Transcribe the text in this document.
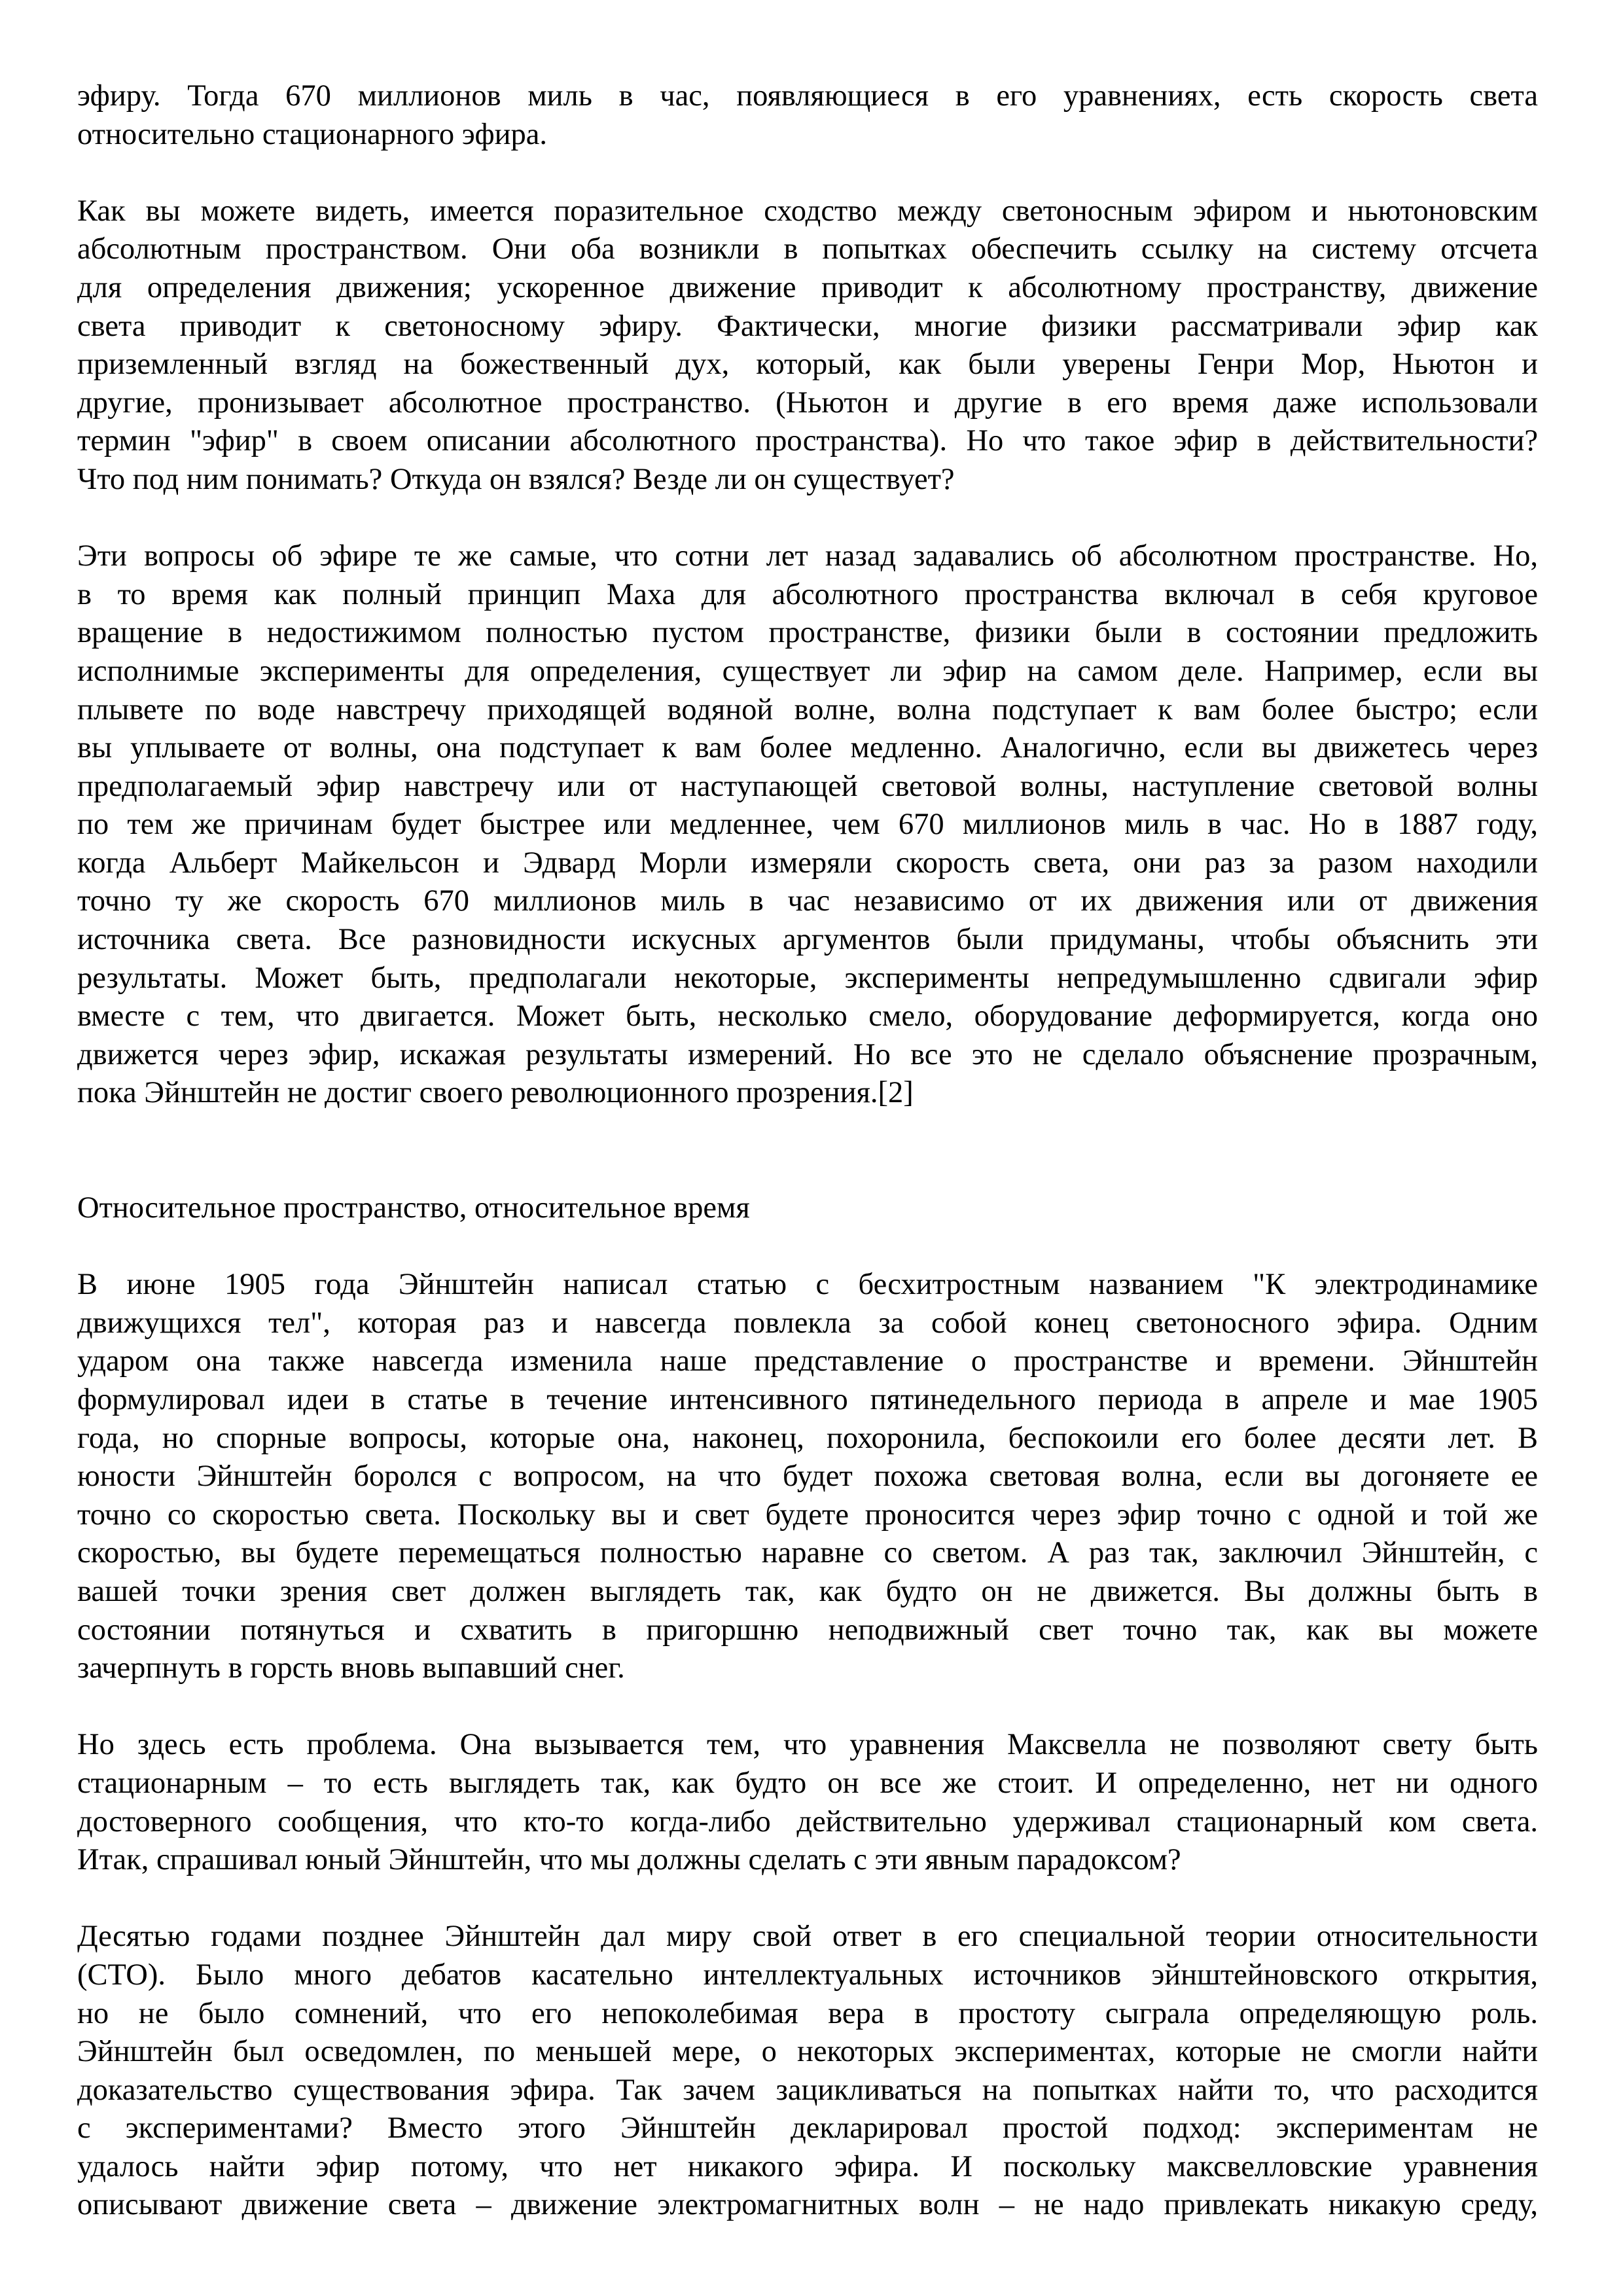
эфиру. Тогда 670 миллионов миль в час, появляющиеся в его уравнениях, есть скорость света
относительно стационарного эфира.

Как вы можете видеть, имеется поразительное сходство между светоносным эфиром и ньютоновским
абсолютным пространством. Они оба возникли в попытках обеспечить ссылку на систему отсчета
для определения движения; ускоренное движение приводит к абсолютному пространству, движение
света приводит к светоносному эфиру. Фактически, многие физики рассматривали эфир как
приземленный взгляд на божественный дух, который, как были уверены Генри Мор, Ньютон и
другие, пронизывает абсолютное пространство. (Ньютон и другие в его время даже использовали
термин "эфир" в своем описании абсолютного пространства). Но что такое эфир в действительности?
Что под ним понимать? Откуда он взялся? Везде ли он существует?

Эти вопросы об эфире те же самые, что сотни лет назад задавались об абсолютном пространстве. Но,
в то время как полный принцип Маха для абсолютного пространства включал в себя круговое
вращение в недостижимом полностью пустом пространстве, физики были в состоянии предложить
исполнимые эксперименты для определения, существует ли эфир на самом деле. Например, если вы
плывете по воде навстречу приходящей водяной волне, волна подступает к вам более быстро; если
вы уплываете от волны, она подступает к вам более медленно. Аналогично, если вы движетесь через
предполагаемый эфир навстречу или от наступающей световой волны, наступление световой волны
по тем же причинам будет быстрее или медленнее, чем 670 миллионов миль в час. Но в 1887 году,
когда Альберт Майкельсон и Эдвард Морли измеряли скорость света, они раз за разом находили
точно ту же скорость 670 миллионов миль в час независимо от их движения или от движения
источника света. Все разновидности искусных аргументов были придуманы, чтобы объяснить эти
результаты. Может быть, предполагали некоторые, эксперименты непредумышленно сдвигали эфир
вместе с тем, что двигается. Может быть, несколько смело, оборудование деформируется, когда оно
движется через эфир, искажая результаты измерений. Но все это не сделало объяснение прозрачным,
пока Эйнштейн не достиг своего революционного прозрения.[2]

Относительное пространство, относительное время

В июне 1905 года Эйнштейн написал статью с бесхитростным названием "К электродинамике
движущихся тел", которая раз и навсегда повлекла за собой конец светоносного эфира. Одним
ударом она также навсегда изменила наше представление о пространстве и времени. Эйнштейн
формулировал идеи в статье в течение интенсивного пятинедельного периода в апреле и мае 1905
года, но спорные вопросы, которые она, наконец, похоронила, беспокоили его более десяти лет. В
юности Эйнштейн боролся с вопросом, на что будет похожа световая волна, если вы догоняете ее
точно со скоростью света. Поскольку вы и свет будете проносится через эфир точно с одной и той же
скоростью, вы будете перемещаться полностью наравне со светом. А раз так, заключил Эйнштейн, с
вашей точки зрения свет должен выглядеть так, как будто он не движется. Вы должны быть в
состоянии потянуться и схватить в пригоршню неподвижный свет точно так, как вы можете
зачерпнуть в горсть вновь выпавший снег.

Но здесь есть проблема. Она вызывается тем, что уравнения Максвелла не позволяют свету быть
стационарным – то есть выглядеть так, как будто он все же стоит. И определенно, нет ни одного
достоверного сообщения, что кто-то когда-либо действительно удерживал стационарный ком света.
Итак, спрашивал юный Эйнштейн, что мы должны сделать с эти явным парадоксом?

Десятью годами позднее Эйнштейн дал миру свой ответ в его специальной теории относительности
(СТО). Было много дебатов касательно интеллектуальных источников эйнштейновского открытия,
но не было сомнений, что его непоколебимая вера в простоту сыграла определяющую роль.
Эйнштейн был осведомлен, по меньшей мере, о некоторых экспериментах, которые не смогли найти
доказательство существования эфира. Так зачем зацикливаться на попытках найти то, что расходится
с экспериментами? Вместо этого Эйнштейн декларировал простой подход: экспериментам не
удалось найти эфир потому, что нет никакого эфира. И поскольку максвелловские уравнения
описывают движение света – движение электромагнитных волн – не надо привлекать никакую среду,
